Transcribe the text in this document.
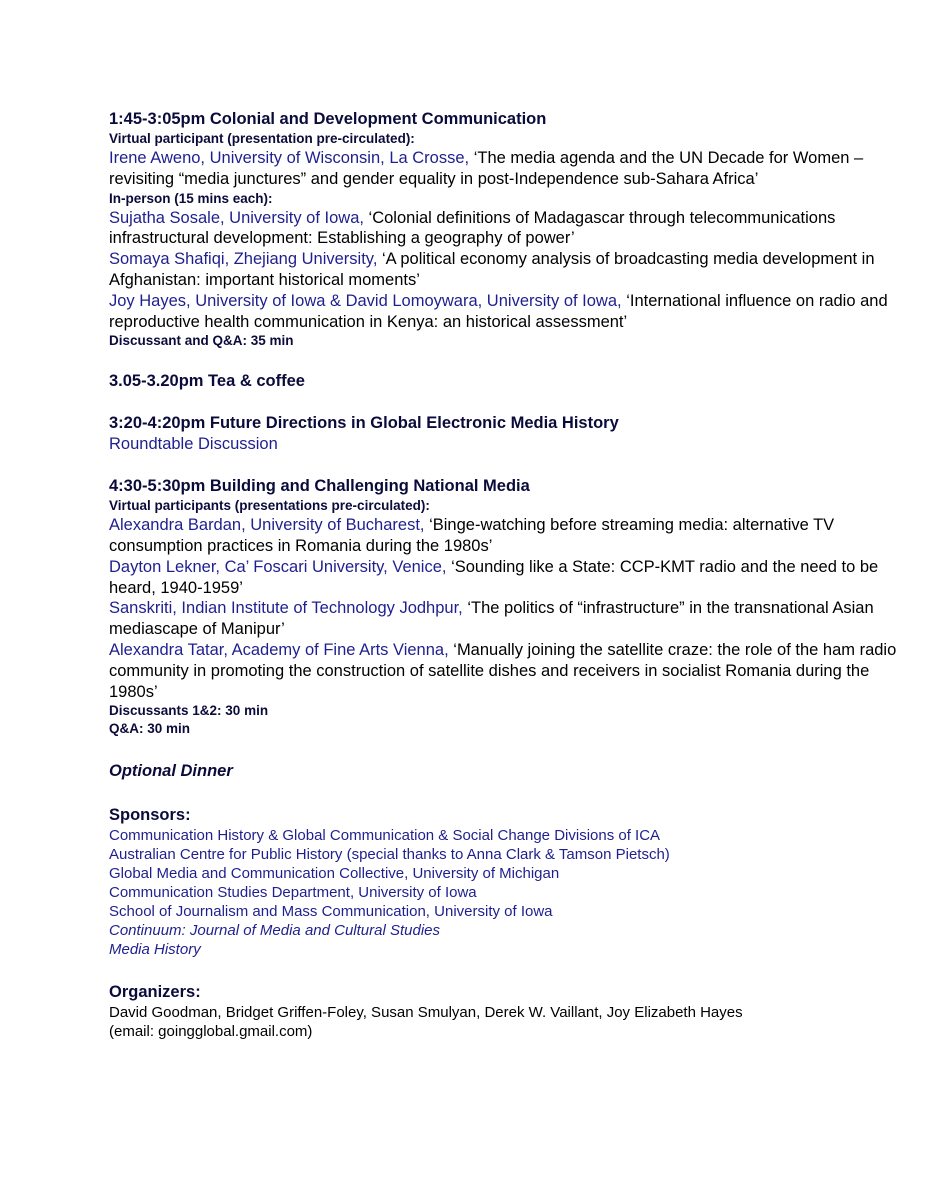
1:45-3:05pm Colonial and Development Communication

Virtual participant (presentation pre-circulated):

Irene Aweno, University of Wisconsin, La Crosse, ‘The media agenda and the UN Decade for Women – revisiting “media junctures” and gender equality in post-Independence sub-Sahara Africa’

In-person (15 mins each):

Sujatha Sosale, University of Iowa, ‘Colonial definitions of Madagascar through telecommunications infrastructural development: Establishing a geography of power’

Somaya Shafiqi, Zhejiang University, ‘A political economy analysis of broadcasting media development in Afghanistan: important historical moments’

Joy Hayes, University of Iowa & David Lomoywara, University of Iowa, ‘International influence on radio and reproductive health communication in Kenya: an historical assessment’

Discussant and Q&A: 35 min

3.05-3.20pm Tea & coffee

3:20-4:20pm Future Directions in Global Electronic Media History

Roundtable Discussion

4:30-5:30pm Building and Challenging National Media

Virtual participants (presentations pre-circulated):

Alexandra Bardan, University of Bucharest, ‘Binge-watching before streaming media: alternative TV consumption practices in Romania during the 1980s’

Dayton Lekner, Ca’ Foscari University, Venice, ‘Sounding like a State: CCP-KMT radio and the need to be heard, 1940-1959’

Sanskriti, Indian Institute of Technology Jodhpur, ‘The politics of “infrastructure” in the transnational Asian mediascape of Manipur’

Alexandra Tatar, Academy of Fine Arts Vienna, ‘Manually joining the satellite craze: the role of the ham radio community in promoting the construction of satellite dishes and receivers in socialist Romania during the 1980s’

Discussants 1&2: 30 min

Q&A: 30 min

Optional Dinner

Sponsors:

Communication History & Global Communication & Social Change Divisions of ICA

Australian Centre for Public History (special thanks to Anna Clark & Tamson Pietsch)

Global Media and Communication Collective, University of Michigan

Communication Studies Department, University of Iowa

School of Journalism and Mass Communication, University of Iowa

Continuum: Journal of Media and Cultural Studies

Media History

Organizers:

David Goodman, Bridget Griffen-Foley, Susan Smulyan, Derek W. Vaillant, Joy Elizabeth Hayes

(email: goingglobal.gmail.com)
